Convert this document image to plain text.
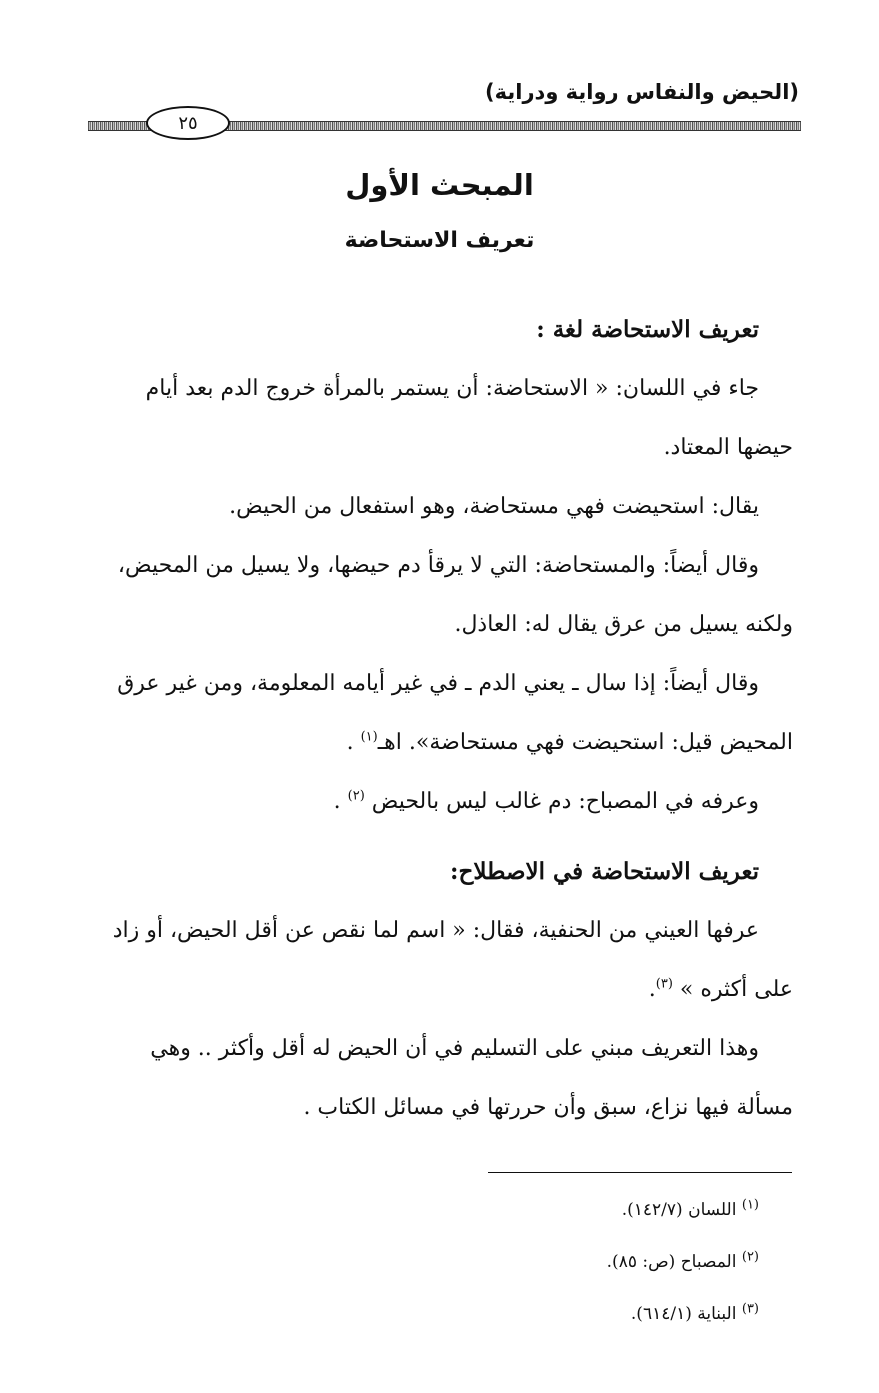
(الحيض والنفاس رواية ودراية)
٢٥
المبحث الأول
تعريف الاستحاضة
تعريف الاستحاضة لغة :
جاء في اللسان: « الاستحاضة: أن يستمر بالمرأة خروج الدم بعد أيام
حيضها المعتاد.
يقال: استحيضت فهي مستحاضة، وهو استفعال من الحيض.
وقال أيضاً: والمستحاضة: التي لا يرقأ دم حيضها، ولا يسيل من المحيض،
ولكنه يسيل من عرق يقال له: العاذل.
وقال أيضاً: إذا سال ـ يعني الدم ـ في غير أيامه المعلومة، ومن غير عرق
المحيض قيل: استحيضت فهي مستحاضة». اهـ$^{(١)}$ .
وعرفه في المصباح: دم غالب ليس بالحيض $^{(٢)}$ .
تعريف الاستحاضة في الاصطلاح:
عرفها العيني من الحنفية، فقال: « اسم لما نقص عن أقل الحيض، أو زاد
على أكثره » $^{(٣)}$.
وهذا التعريف مبني على التسليم في أن الحيض له أقل وأكثر .. وهي
مسألة فيها نزاع، سبق وأن حررتها في مسائل الكتاب .
$^{(١)}$ اللسان (١٤٢/٧).
$^{(٢)}$ المصباح (ص: ٨٥).
$^{(٣)}$ البناية (٦١٤/١).
